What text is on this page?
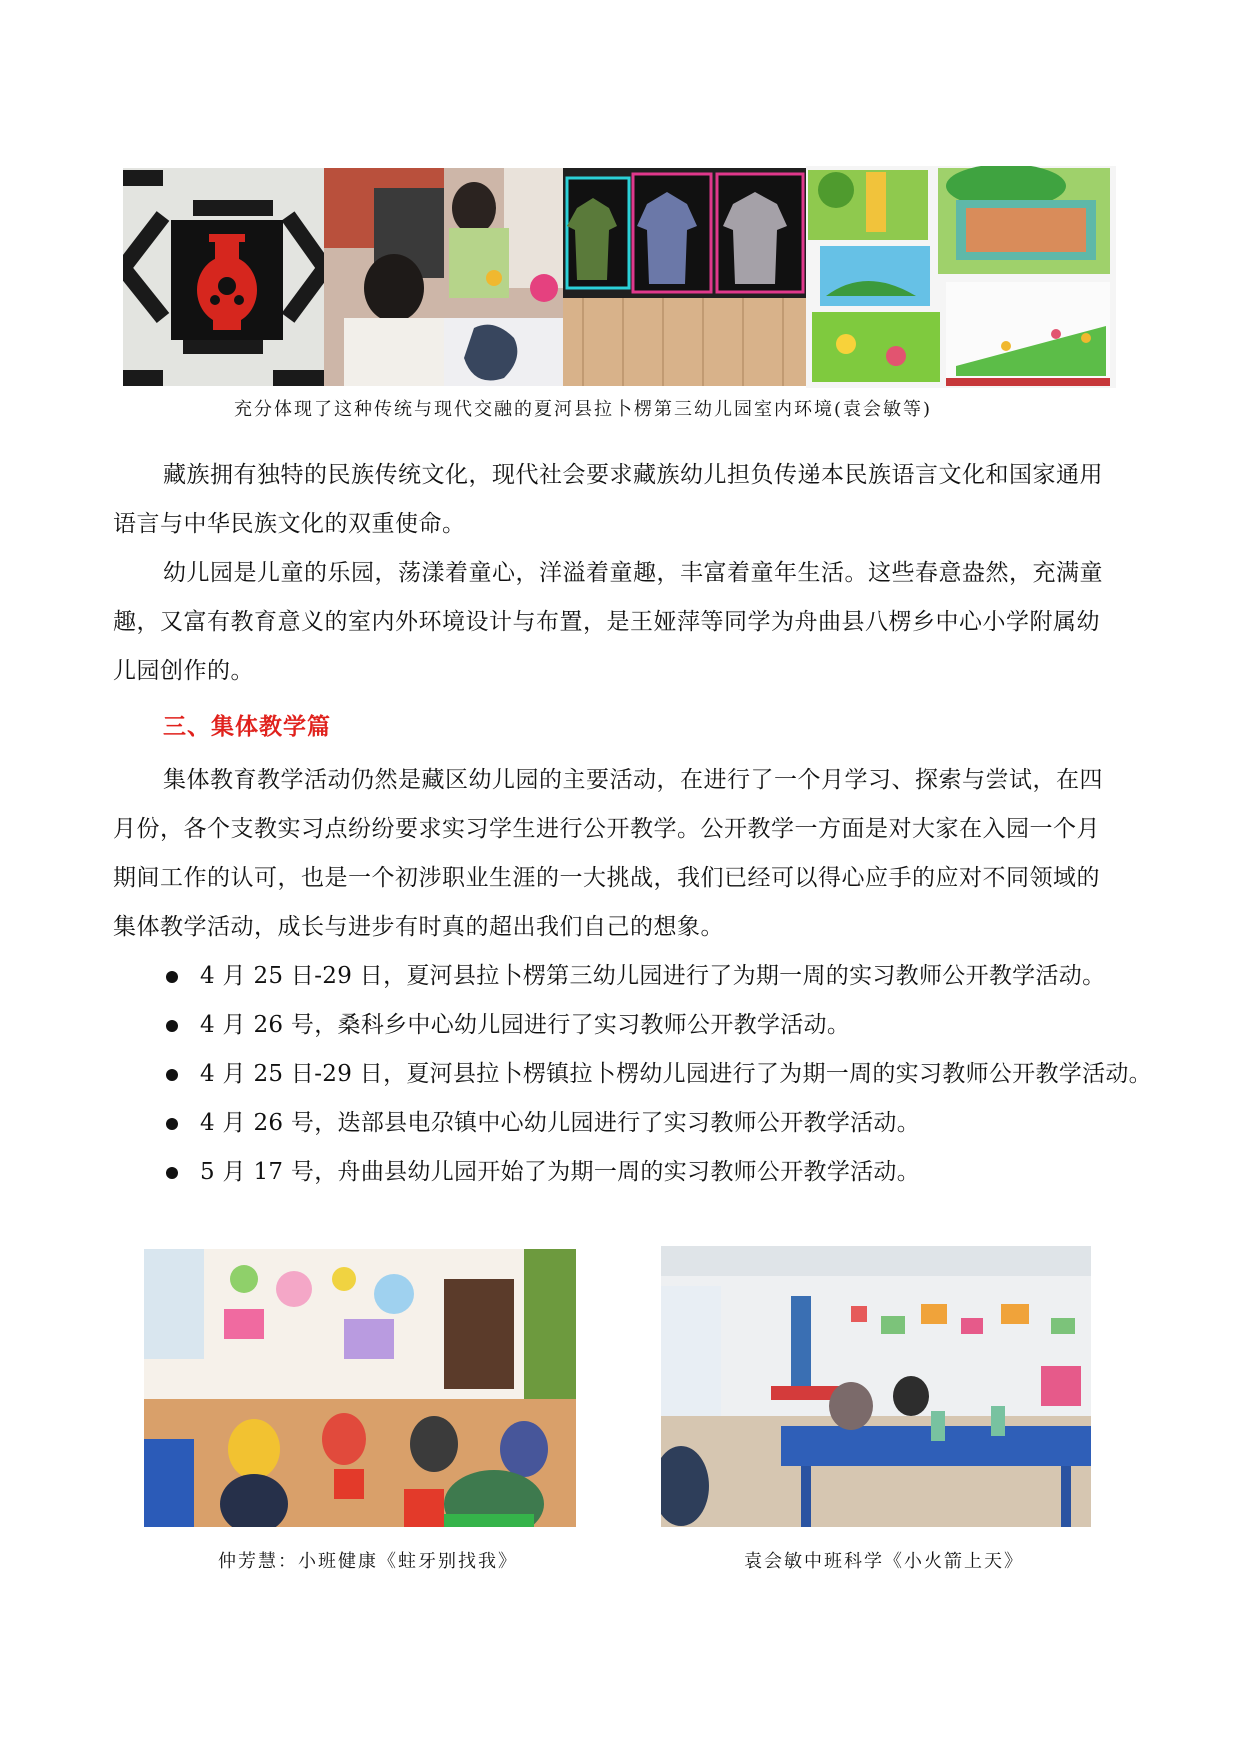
充分体现了这种传统与现代交融的夏河县拉卜楞第三幼儿园室内环境(袁会敏等)

藏族拥有独特的民族传统文化，现代社会要求藏族幼儿担负传递本民族语言文化和国家通用语言与中华民族文化的双重使命。

幼儿园是儿童的乐园，荡漾着童心，洋溢着童趣，丰富着童年生活。这些春意盎然，充满童趣，又富有教育意义的室内外环境设计与布置，是王娅萍等同学为舟曲县八楞乡中心小学附属幼儿园创作的。

三、集体教学篇

集体教育教学活动仍然是藏区幼儿园的主要活动，在进行了一个月学习、探索与尝试，在四月份，各个支教实习点纷纷要求实习学生进行公开教学。公开教学一方面是对大家在入园一个月期间工作的认可，也是一个初涉职业生涯的一大挑战，我们已经可以得心应手的应对不同领域的集体教学活动，成长与进步有时真的超出我们自己的想象。

4 月 25 日-29 日，夏河县拉卜楞第三幼儿园进行了为期一周的实习教师公开教学活动。
4 月 26 号，桑科乡中心幼儿园进行了实习教师公开教学活动。
4 月 25 日-29 日，夏河县拉卜楞镇拉卜楞幼儿园进行了为期一周的实习教师公开教学活动。
4 月 26 号，迭部县电尕镇中心幼儿园进行了实习教师公开教学活动。
5 月 17 号，舟曲县幼儿园开始了为期一周的实习教师公开教学活动。
仲芳慧：小班健康《蛀牙别找我》	袁会敏中班科学《小火箭上天》
